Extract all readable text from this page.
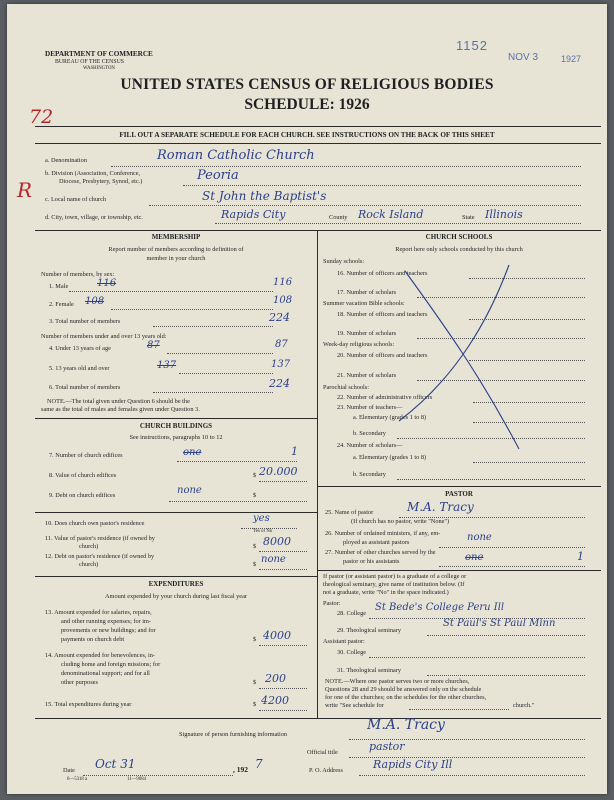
DEPARTMENT OF COMMERCE
BUREAU OF THE CENSUS
WASHINGTON
1152
NOV 3	1927
UNITED STATES CENSUS OF RELIGIOUS BODIES
SCHEDULE: 1926
72
FILL OUT A SEPARATE SCHEDULE FOR EACH CHURCH. SEE INSTRUCTIONS ON THE BACK OF THIS SHEET
a. Denomination	Roman Catholic Church
b. Division (Association, Conference,
Diocese, Presbytery, Synod, etc.)	Peoria
R c. Local name of church	St John the Baptist's
d. City, town, village, or township, etc.	Rapids City	County Rock Island	State Illinois
MEMBERSHIP
Report number of members according to definition of
member in your church
Number of members, by sex:
1. Male	116	116
2. Female 108	108
3. Total number of members	224
Number of members under and over 13 years old:
4. Under 13 years of age	87	87
5. 13 years old and over	137	137
6. Total number of members	224
NOTE.—The total given under Question 6 should be the
same as the total of males and females given under Question 3.
CHURCH BUILDINGS
See instructions, paragraphs 10 to 12
7. Number of church edifices	one	1
8. Value of church edifices	$ 20.000
9. Debt on church edifices	$
none
10. Does church own pastor's residence	yes
Yes or No
11. Value of pastor's residence (if owned by
church)	$ 8000
12. Debt on pastor's residence (if owned by
church)	$ none
EXPENDITURES
Amount expended by your church during last fiscal year
13. Amount expended for salaries, repairs,
and other running expenses; for im-
provements or new buildings; and for
payments on church debt	$ 4000
14. Amount expended for benevolences, in-
cluding home and foreign missions; for
denominational support; and for all
other purposes	$ 200
15. Total expenditures during year	$ 4200
CHURCH SCHOOLS
Report here only schools conducted by this church
Sunday schools:
16. Number of officers and teachers
17. Number of scholars
Summer vacation Bible schools:
18. Number of officers and teachers
19. Number of scholars
Week-day religious schools:
20. Number of officers and teachers
21. Number of scholars
Parochial schools:
22. Number of administrative officers
23. Number of teachers—
a. Elementary (grades 1 to 8)
b. Secondary
24. Number of scholars—
a. Elementary (grades 1 to 8)
b. Secondary
PASTOR
25. Name of pastor	M.A. Tracy
(If church has no pastor, write "None")
26. Number of ordained ministers, if any, em-
ployed as assistant pastors	none
27. Number of other churches served by the
pastor or his assistants	one	1
If pastor (or assistant pastor) is a graduate of a college or
theological seminary, give name of institution below. (If
not a graduate, write "No" in the space indicated.)
Pastor:
28. College
St Bede's College Peru Ill
29. Theological seminary
St Paul's St Paul Minn
Assistant pastor:
30. College
31. Theological seminary
NOTE.—Where one pastor serves two or more churches,
Questions 28 and 29 should be answered only on the schedule
for one of the churches; on the schedules for the other churches,
write "See schedule for	church."
Signature of person furnishing information
M.A. Tracy
Official title	pastor
Date Oct 31	, 192 7	P. O. Address	Rapids City Ill
6—5318 a	11—9084
